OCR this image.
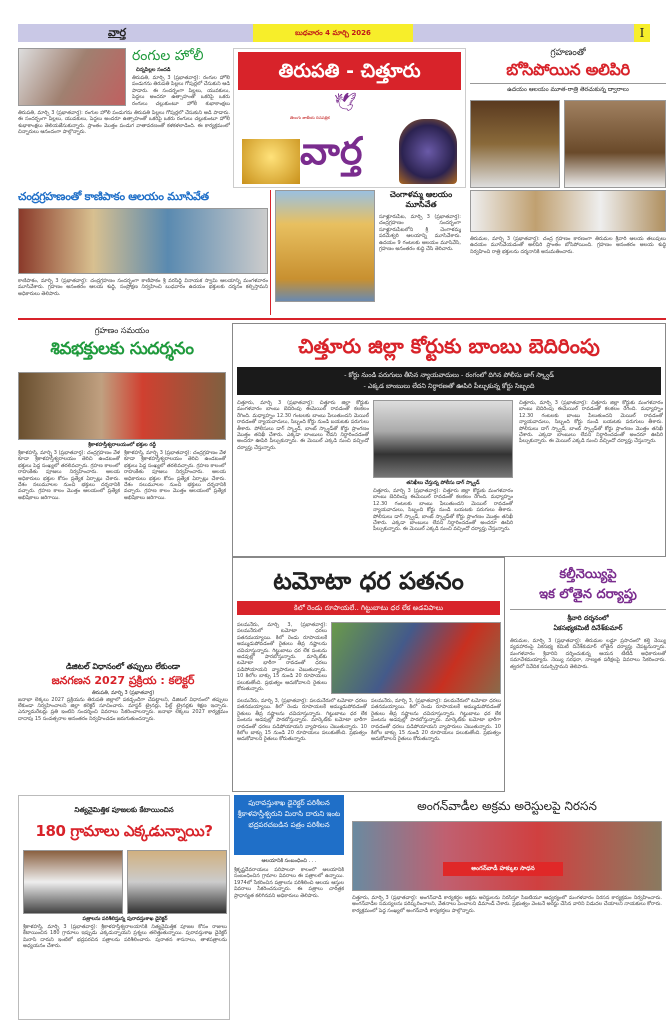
వార్త	బుధవారం 4 మార్చి 2026	I
రంగుల హోలీ
చిన్నపిల్లల సందడి
తిరుపతి, మార్చి 3 (ప్రభాతవార్త): రంగుల హోలీ పండుగను తిరుపతి పిల్లలు గోపుర్లలో చేసుకుని ఆడి పాడారు. ఈ సందర్భంగా పిల్లలు, యువకులు, పెద్దలు అందరూ ఉత్సాహంతో ఒకరిపై ఒకరు రంగులు చల్లుకుంటూ హోలీ శుభాకాంక్షలు
తిరుపతి, మార్చి 3 (ప్రభాతవార్త): రంగుల హోలీ పండుగను తిరుపతి పిల్లలు గోపుర్లలో చేసుకుని ఆడి పాడారు. ఈ సందర్భంగా పిల్లలు, యువకులు, పెద్దలు అందరూ ఉత్సాహంతో ఒకరిపై ఒకరు రంగులు చల్లుకుంటూ హోలీ శుభాకాంక్షలు తెలియజేసుకున్నారు. ప్రాంతం మొత్తం పండుగ వాతావరణంతో కళకళలాడింది. ఈ కార్యక్రమంలో చిన్నారులు ఆనందంగా పాల్గొన్నారు.
తిరుపతి - చిత్తూరు
🕊
తెలుగు జాతీయ దినపత్రిక
వార్త
గ్రహణంతో
బోసిపోయిన అలిపిరి
ఉదయం ఆలయం మూత-రాత్రి తెరచుకున్న ద్వారాలు
తిరుమల, మార్చి 3 (ప్రభాతవార్త): చంద్ర గ్రహణం కారణంగా తిరుమల శ్రీవారి ఆలయ తలుపులు ఉదయం మూసివేయడంతో అలిపిరి ప్రాంతం బోసిపోయింది. గ్రహణం అనంతరం ఆలయ శుద్ధి నిర్వహించి రాత్రి భక్తులను దర్శనానికి అనుమతించారు.
చంద్రగ్రహణంతో కాణిపాకం ఆలయం మూసివేత
కాణిపాకం, మార్చి 3 (ప్రభాతవార్త): చంద్రగ్రహణం సందర్భంగా కాణిపాకం శ్రీ వరసిద్ధి వినాయక స్వామి ఆలయాన్ని మంగళవారం మూసివేశారు. గ్రహణం అనంతరం ఆలయ శుద్ధి, సంప్రోక్షణ నిర్వహించి బుధవారం ఉదయం భక్తులకు దర్శనం కల్పిస్తామని అధికారులు తెలిపారు.
చెంగాళమ్మ ఆలయం మూసివేత
సూళ్లూరుపేట, మార్చి 3 (ప్రభాతవార్త): చంద్రగ్రహణం సందర్భంగా సూళ్లూరుపేటలోని శ్రీ చెంగాళమ్మ పరమేశ్వరి ఆలయాన్ని మూసివేశారు. ఉదయం 9 గంటలకు ఆలయం మూసివేసి, గ్రహణం అనంతరం శుద్ధి చేసి తెరిచారు.
గ్రహణం సమయం
శివభక్తులకు సుదర్శనం
శ్రీకాళహస్తీశ్వరాలయంలో భక్తుల రద్దీ
శ్రీకాళహస్తి, మార్చి 3 (ప్రభాతవార్త): చంద్రగ్రహణం వేళ కూడా శ్రీకాళహస్తీశ్వరాలయం తెరిచి ఉండటంతో భక్తులు పెద్ద సంఖ్యలో తరలివచ్చారు. గ్రహణ కాలంలో రాహుకేతు పూజలు నిర్వహించారు. ఆలయ అధికారులు భక్తుల కోసం ప్రత్యేక ఏర్పాట్లు చేశారు. దేశం నలుమూలల నుంచి భక్తులు దర్శనానికి వచ్చారు. గ్రహణ కాలం మొత్తం ఆలయంలో ప్రత్యేక అభిషేకాలు జరిగాయి.
శ్రీకాళహస్తి, మార్చి 3 (ప్రభాతవార్త): చంద్రగ్రహణం వేళ కూడా శ్రీకాళహస్తీశ్వరాలయం తెరిచి ఉండటంతో భక్తులు పెద్ద సంఖ్యలో తరలివచ్చారు. గ్రహణ కాలంలో రాహుకేతు పూజలు నిర్వహించారు. ఆలయ అధికారులు భక్తుల కోసం ప్రత్యేక ఏర్పాట్లు చేశారు. దేశం నలుమూలల నుంచి భక్తులు దర్శనానికి వచ్చారు. గ్రహణ కాలం మొత్తం ఆలయంలో ప్రత్యేక అభిషేకాలు జరిగాయి.
చిత్తూరు జిల్లా కోర్టుకు బాంబు బెదిరింపు
- కోర్టు నుండి పరుగులు తీసిన న్యాయవాదులు - రంగంలో దిగిన పోలీసు డాగ్ స్క్వాడ్
- ఎక్కడ బాంబులు లేదని నిర్ధారణతో ఊపిరి పీల్చుకున్న కోర్టు సిబ్బంది
చిత్తూరు, మార్చి 3 (ప్రభాతవార్త): చిత్తూరు జిల్లా కోర్టుకు మంగళవారం బాంబు బెదిరింపు ఈమెయిల్ రావడంతో కలకలం రేగింది. మధ్యాహ్నం 12.30 గంటలకు బాంబు పేలుతుందని మెయిల్ రావడంతో న్యాయవాదులు, సిబ్బంది కోర్టు నుండి బయటకు పరుగులు తీశారు. పోలీసులు డాగ్ స్క్వాడ్, బాంబ్ స్క్వాడ్‌తో కోర్టు ప్రాంగణం మొత్తం తనిఖీ చేశారు. ఎక్కడా బాంబులు లేవని నిర్ధారించడంతో అందరూ ఊపిరి పీల్చుకున్నారు. ఈ మెయిల్ ఎక్కడి నుంచి వచ్చిందో దర్యాప్తు చేస్తున్నారు.
తనిఖీలు చేస్తున్న పోలీసు డాగ్ స్క్వాడ్
చిత్తూరు, మార్చి 3 (ప్రభాతవార్త): చిత్తూరు జిల్లా కోర్టుకు మంగళవారం బాంబు బెదిరింపు ఈమెయిల్ రావడంతో కలకలం రేగింది. మధ్యాహ్నం 12.30 గంటలకు బాంబు పేలుతుందని మెయిల్ రావడంతో న్యాయవాదులు, సిబ్బంది కోర్టు నుండి బయటకు పరుగులు తీశారు. పోలీసులు డాగ్ స్క్వాడ్, బాంబ్ స్క్వాడ్‌తో కోర్టు ప్రాంగణం మొత్తం తనిఖీ చేశారు. ఎక్కడా బాంబులు లేవని నిర్ధారించడంతో అందరూ ఊపిరి పీల్చుకున్నారు. ఈ మెయిల్ ఎక్కడి నుంచి వచ్చిందో దర్యాప్తు చేస్తున్నారు.
చిత్తూరు, మార్చి 3 (ప్రభాతవార్త): చిత్తూరు జిల్లా కోర్టుకు మంగళవారం బాంబు బెదిరింపు ఈమెయిల్ రావడంతో కలకలం రేగింది. మధ్యాహ్నం 12.30 గంటలకు బాంబు పేలుతుందని మెయిల్ రావడంతో న్యాయవాదులు, సిబ్బంది కోర్టు నుండి బయటకు పరుగులు తీశారు. పోలీసులు డాగ్ స్క్వాడ్, బాంబ్ స్క్వాడ్‌తో కోర్టు ప్రాంగణం మొత్తం తనిఖీ చేశారు. ఎక్కడా బాంబులు లేవని నిర్ధారించడంతో అందరూ ఊపిరి పీల్చుకున్నారు. ఈ మెయిల్ ఎక్కడి నుంచి వచ్చిందో దర్యాప్తు చేస్తున్నారు.
డిజిటల్ విధానంలో తప్పులు లేకుండా
జనగణన 2027 ప్రక్రియ : కలెక్టర్
తిరుపతి, మార్చి 3 (ప్రభాతవార్త)
జనాభా లెక్కలు 2027 ప్రక్రియను తిరుపతి జిల్లాలో పకడ్బందీగా చేపట్టాలని, డిజిటల్ విధానంలో తప్పులు లేకుండా నిర్వహించాలని జిల్లా కలెక్టర్ సూచించారు. మాస్టర్ ట్రైనర్లు, ఫీల్డ్ ట్రైనర్లకు శిక్షణ ఇచ్చారు. ఎన్యూమరేటర్లు ప్రతి ఇంటిని సందర్శించి వివరాలు సేకరించాలన్నారు. జనాభా లెక్కలు 2027 కార్యక్రమం దాదాపు 15 సంవత్సరాల అనంతరం నిర్వహించడం జరుగుతుందన్నారు.
టమోటా ధర పతనం
కిలో రెండు రూపాయలే.. గిట్టుబాటు ధర లేక అడవిపాలు
పలమనేరు, మార్చి 3, (ప్రభాతవార్త): పలమనేరులో టమోటా ధరలు పతనమయ్యాయి. కిలో రెండు రూపాయలకే అమ్ముడుపోవడంతో రైతులు తీవ్ర నష్టాలను చవిచూస్తున్నారు. గిట్టుబాటు ధర లేక పంటను అడవుల్లో పారబోస్తున్నారు. మార్కెట్‌కు టమోటా భారీగా రావడంతో ధరలు పడిపోయాయని వ్యాపారులు చెబుతున్నారు. 10 కిలోల బాక్సు 15 నుండి 20 రూపాయలు పలుకుతోంది. ప్రభుత్వం ఆదుకోవాలని రైతులు కోరుతున్నారు.
పలమనేరు, మార్చి 3, (ప్రభాతవార్త): పలమనేరులో టమోటా ధరలు పతనమయ్యాయి. కిలో రెండు రూపాయలకే అమ్ముడుపోవడంతో రైతులు తీవ్ర నష్టాలను చవిచూస్తున్నారు. గిట్టుబాటు ధర లేక పంటను అడవుల్లో పారబోస్తున్నారు. మార్కెట్‌కు టమోటా భారీగా రావడంతో ధరలు పడిపోయాయని వ్యాపారులు చెబుతున్నారు. 10 కిలోల బాక్సు 15 నుండి 20 రూపాయలు పలుకుతోంది. ప్రభుత్వం ఆదుకోవాలని రైతులు కోరుతున్నారు.
పలమనేరు, మార్చి 3, (ప్రభాతవార్త): పలమనేరులో టమోటా ధరలు పతనమయ్యాయి. కిలో రెండు రూపాయలకే అమ్ముడుపోవడంతో రైతులు తీవ్ర నష్టాలను చవిచూస్తున్నారు. గిట్టుబాటు ధర లేక పంటను అడవుల్లో పారబోస్తున్నారు. మార్కెట్‌కు టమోటా భారీగా రావడంతో ధరలు పడిపోయాయని వ్యాపారులు చెబుతున్నారు. 10 కిలోల బాక్సు 15 నుండి 20 రూపాయలు పలుకుతోంది. ప్రభుత్వం ఆదుకోవాలని రైతులు కోరుతున్నారు.
కల్తీనెయ్యిపై
ఇక లోతైన దర్యాప్తు
శ్రీవారి దర్శనంలో
ఏకసభ్యకమిటీ దినేశ్‌కుమార్
తిరుమల, మార్చి 3 (ప్రభాతవార్త): తిరుమల లడ్డూ ప్రసాదంలో కల్తీ నెయ్యి వ్యవహారంపై ఏకసభ్య కమిటీ దినేశ్‌కుమార్ లోతైన దర్యాప్తు చేపట్టనున్నారు. మంగళవారం శ్రీవారిని దర్శించుకున్న ఆయన టీటీడీ అధికారులతో సమావేశమయ్యారు. నెయ్యి సరఫరా, నాణ్యత పరీక్షలపై వివరాలు సేకరించారు. త్వరలో నివేదిక సమర్పిస్తామని తెలిపారు.
నిత్యనైమిత్తిక పూజలకు కేటాయించిన
180 గ్రామాలు ఎక్కడున్నాయి?
పత్రాలను పరిశీలిస్తున్న పురావస్తుశాఖ డైరెక్టర్
శ్రీకాళహస్తి, మార్చి 3 (ప్రభాతవార్త): శ్రీకాళహస్తీశ్వరాలయానికి నిత్యనైమిత్తిక పూజల కోసం రాజులు కేటాయించిన 180 గ్రామాలు ఇప్పుడు ఎక్కడున్నాయని ప్రశ్నలు తలెత్తుతున్నాయి. పురావస్తుశాఖ డైరెక్టర్ మిరాసి దారుని ఇంటిలో భద్రపరచిన పత్రాలను పరిశీలించారు. పురాతన శాసనాలు, తాళపత్రాలను అధ్యయనం చేశారు.
పురావస్తుశాఖ డైరెక్టర్ పరిశీలన శ్రీకాళహస్తీశ్వరుని మిరాసి దారుని ఇంట భద్రపరచబడిన పత్రం పరిశీలన
ఆలయానికి సంబంధించి . . .
శ్రీకృష్ణదేవరాయలు పరిపాలనా కాలంలో ఆలయానికి సంబంధించిన గ్రామాల వివరాలు ఈ పత్రాలలో ఉన్నాయి. 1974లో సేకరించిన పత్రాలను పరిశీలించి ఆలయ ఆస్తుల వివరాలు సేకరించనున్నారు. ఈ పత్రాలు చారిత్రక ప్రాధాన్యత కలిగినవని అధికారులు తెలిపారు.
అంగన్‌వాడీల అక్రమ అరెస్టులపై నిరసన
అంగన్‌వాడీ హక్కుల సాధన
చిత్తూరు, మార్చి 3 (ప్రభాతవార్త): అంగన్‌వాడీ కార్యకర్తల అక్రమ అరెస్టులను నిరసిస్తూ సీఐటీయూ ఆధ్వర్యంలో మంగళవారం నిరసన కార్యక్రమం నిర్వహించారు. అంగన్‌వాడీల సమస్యలను పరిష్కరించాలని, వేతనాలు పెంచాలని డిమాండ్ చేశారు. ప్రభుత్వం వెంటనే అరెస్టు చేసిన వారిని విడుదల చేయాలని నాయకులు కోరారు. కార్యక్రమంలో పెద్ద సంఖ్యలో అంగన్‌వాడీ కార్యకర్తలు పాల్గొన్నారు.
